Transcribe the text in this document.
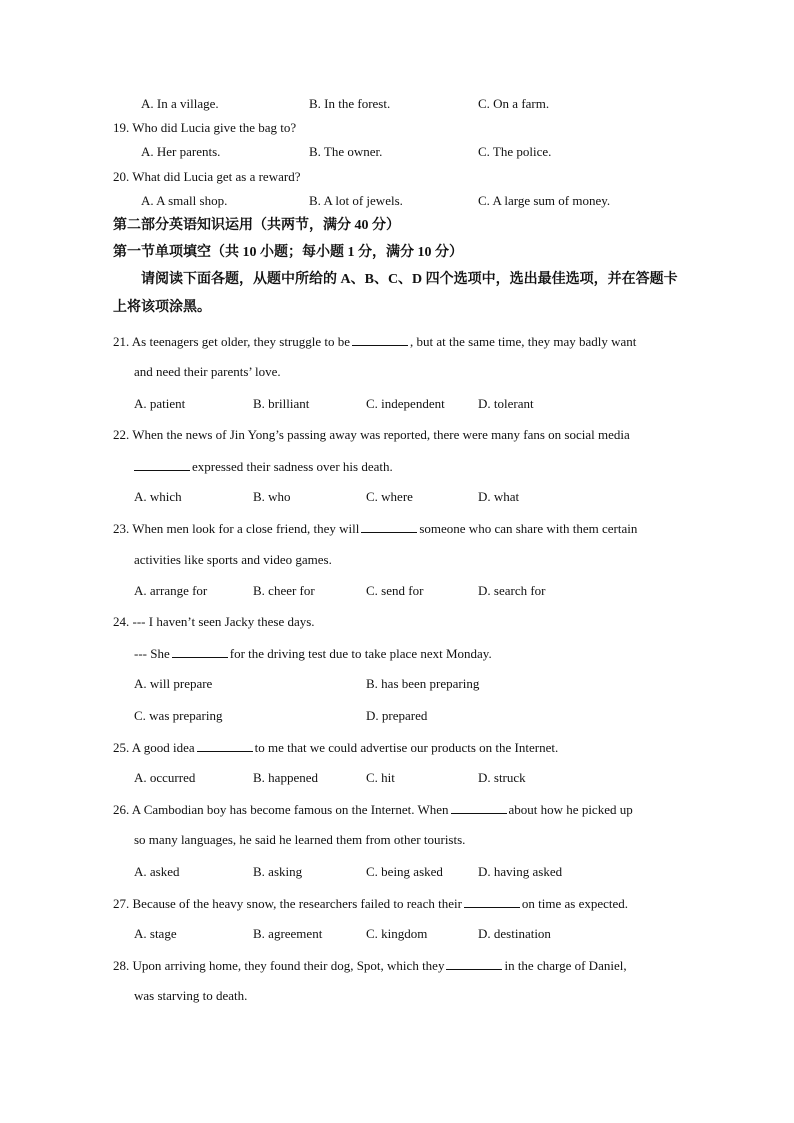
A. In a village.	B. In the forest.	C. On a farm.
19. Who did Lucia give the bag to?
A. Her parents.	B. The owner.	C. The police.
20. What did Lucia get as a reward?
A. A small shop.	B. A lot of jewels.	C. A large sum of money.
第二部分英语知识运用（共两节，满分 40 分）
第一节单项填空（共 10 小题；每小题 1 分，满分 10 分）
请阅读下面各题，从题中所给的 A、B、C、D 四个选项中，选出最佳选项，并在答题卡
上将该项涂黑。
21. As teenagers get older, they struggle to be	, but at the same time, they may badly want
and need their parents’ love.
A. patient	B. brilliant	C. independent	D. tolerant
22. When the news of Jin Yong’s passing away was reported, there were many fans on social media
expressed their sadness over his death.
A. which	B. who	C. where	D. what
23. When men look for a close friend, they will	someone who can share with them certain
activities like sports and video games.
A. arrange for	B. cheer for	C. send for	D. search for
24. --- I haven’t seen Jacky these days.
--- She	for the driving test due to take place next Monday.
A. will prepare	B. has been preparing
C. was preparing	D. prepared
25. A good idea	to me that we could advertise our products on the Internet.
A. occurred	B. happened	C. hit	D. struck
26. A Cambodian boy has become famous on the Internet. When	about how he picked up
so many languages, he said he learned them from other tourists.
A. asked	B. asking	C. being asked	D. having asked
27. Because of the heavy snow, the researchers failed to reach their	on time as expected.
A. stage	B. agreement	C. kingdom	D. destination
28. Upon arriving home, they found their dog, Spot, which they	in the charge of Daniel,
was starving to death.
